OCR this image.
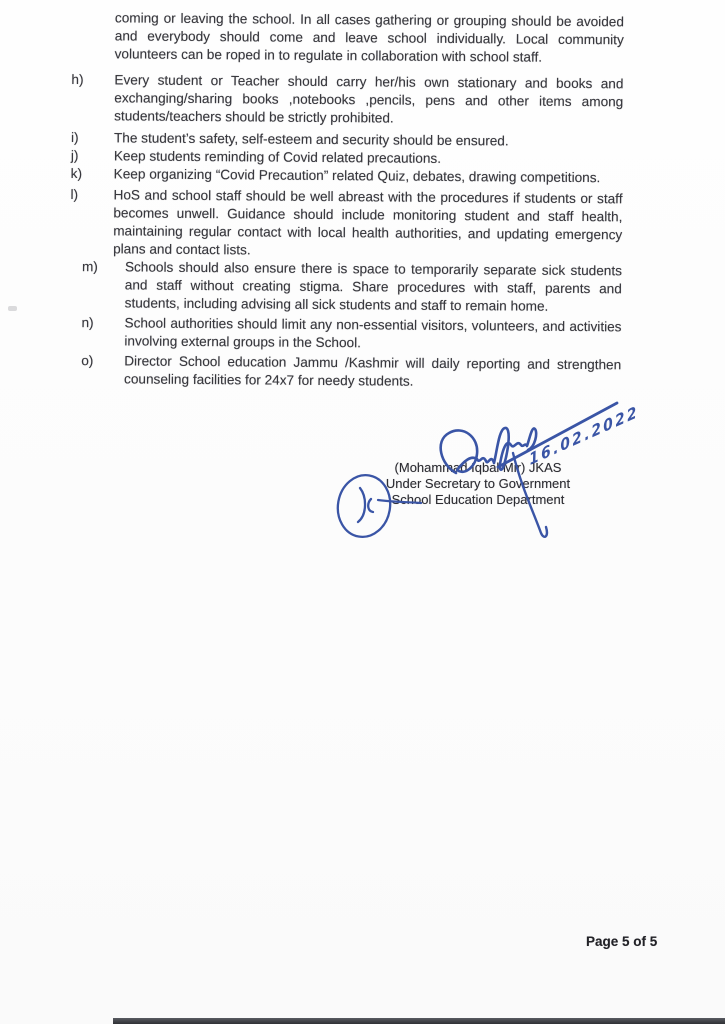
coming or leaving the school. In all cases gathering or grouping should be avoided and everybody should come and leave school individually. Local community volunteers can be roped in to regulate in collaboration with school staff.
h)	Every student or Teacher should carry her/his own stationary and books and exchanging/sharing books ,notebooks ,pencils, pens and other items among students/teachers should be strictly prohibited.
i)	The student’s safety, self-esteem and security should be ensured.
j)	Keep students reminding of Covid related precautions.
k)	Keep organizing “Covid Precaution” related Quiz, debates, drawing competitions.
l)	HoS and school staff should be well abreast with the procedures if students or staff becomes unwell. Guidance should include monitoring student and staff health, maintaining regular contact with local health authorities, and updating emergency plans and contact lists.
m)	Schools should also ensure there is space to temporarily separate sick students and staff without creating stigma. Share procedures with staff, parents and students, including advising all sick students and staff to remain home.
n)	School authorities should limit any non-essential visitors, volunteers, and activities involving external groups in the School.
o)	Director School education Jammu /Kashmir will daily reporting and strengthen counseling facilities for 24x7 for needy students.
(Mohammad Iqbal Mir) JKAS
Under Secretary to Government
School Education Department
16.02.2022
Page 5 of 5
